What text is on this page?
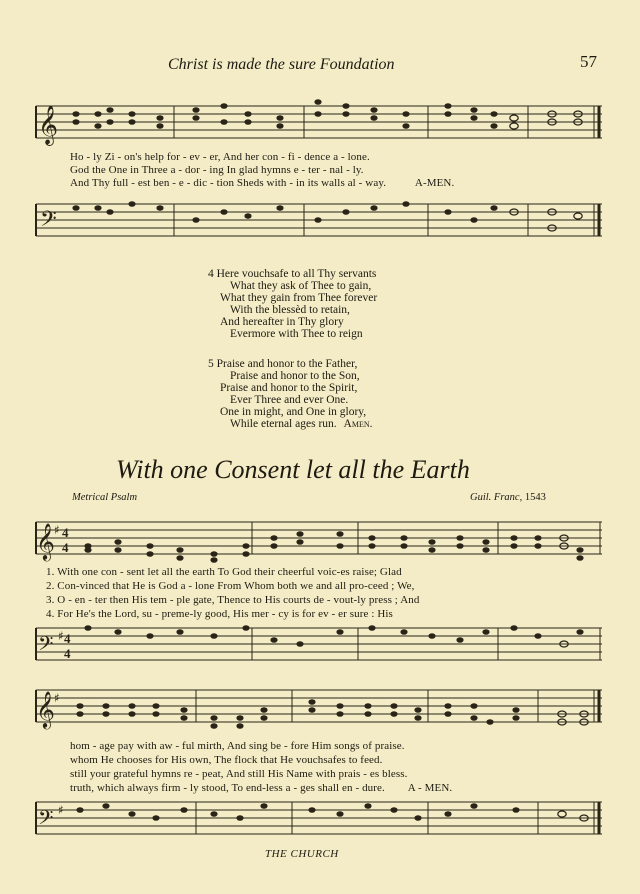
Christ is made the sure Foundation	57
𝄞
Ho - ly Zi - on's help for - ev - er, And her con - fi - dence a - lone.
God the One in Three a - dor - ing In glad hymns e - ter - nal - ly.
And Thy full - est ben - e - dic - tion Sheds with - in its walls al - way.	A-MEN.
𝄢
4 Here vouchsafe to all Thy servants
What they ask of Thee to gain,
What they gain from Thee forever
With the blessèd to retain,
And hereafter in Thy glory
Evermore with Thee to reign
5 Praise and honor to the Father,
Praise and honor to the Son,
Praise and honor to the Spirit,
Ever Three and ever One.
One in might, and One in glory,
While eternal ages run. Amen.
With one Consent let all the Earth
Metrical Psalm	Guil. Franc, 1543
𝄞 ♯ 4
4
1. With one con - sent let all the earth To God their cheerful voic-es raise; Glad
2. Con-vinced that He is God a - lone From Whom both we and all pro-ceed ; We,
3. O - en - ter then His tem - ple gate, Thence to His courts de - vout-ly press ; And
4. For He's the Lord, su - preme-ly good, His mer - cy is for ev - er sure : His
𝄢 ♯ 4
4
𝄞 ♯
hom - age pay with aw - ful mirth, And sing be - fore Him songs of praise.
whom He chooses for His own, The flock that He vouchsafes to feed.
still your grateful hymns re - peat, And still His Name with prais - es bless.
truth, which always firm - ly stood, To end-less a - ges shall en - dure. A - MEN.
𝄢 ♯
THE CHURCH
